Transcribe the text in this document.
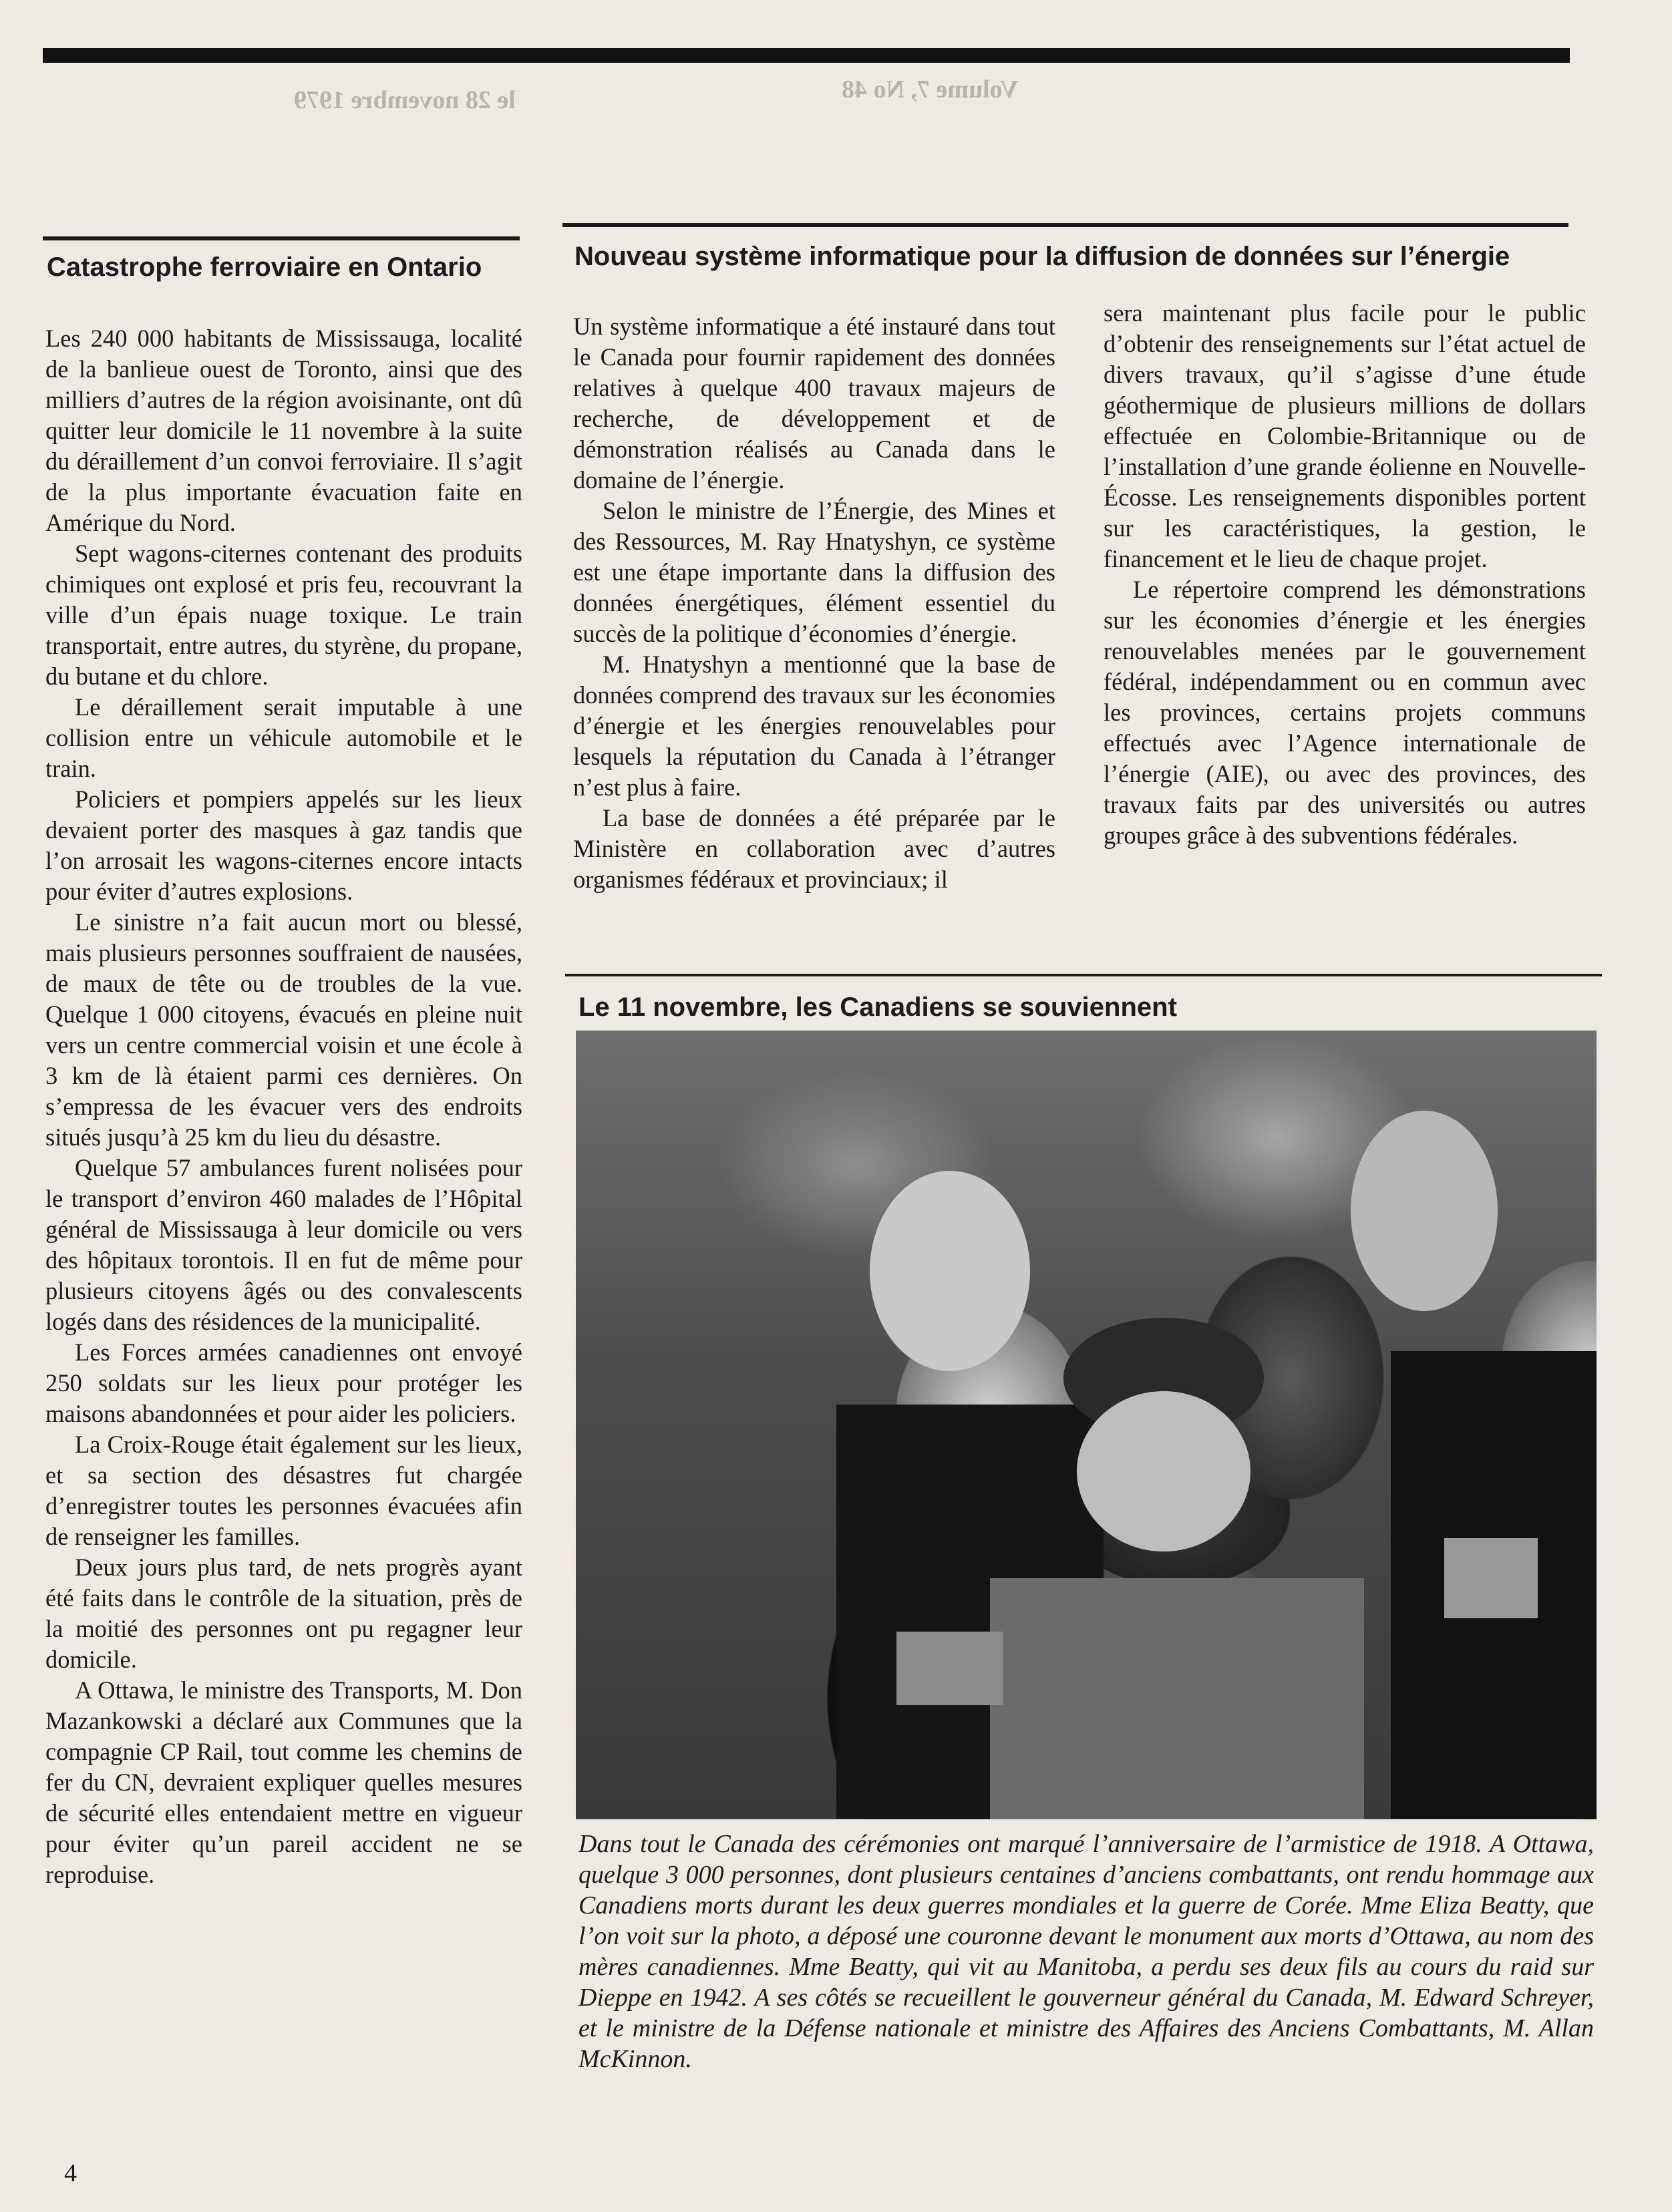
le 28 novembre 1979	Volume 7, No 48
Catastrophe ferroviaire en Ontario

Les 240 000 habitants de Mississauga, localité de la banlieue ouest de Toronto, ainsi que des milliers d’autres de la région avoisinante, ont dû quitter leur domicile le 11 novembre à la suite du déraillement d’un convoi ferroviaire. Il s’agit de la plus importante évacuation faite en Amérique du Nord.

Sept wagons-citernes contenant des produits chimiques ont explosé et pris feu, recouvrant la ville d’un épais nuage toxique. Le train transportait, entre autres, du styrène, du propane, du butane et du chlore.

Le déraillement serait imputable à une collision entre un véhicule automobile et le train.

Policiers et pompiers appelés sur les lieux devaient porter des masques à gaz tandis que l’on arrosait les wagons-citernes encore intacts pour éviter d’autres explosions.

Le sinistre n’a fait aucun mort ou blessé, mais plusieurs personnes souffraient de nausées, de maux de tête ou de troubles de la vue. Quelque 1 000 citoyens, évacués en pleine nuit vers un centre commercial voisin et une école à 3 km de là étaient parmi ces dernières. On s’empressa de les évacuer vers des endroits situés jusqu’à 25 km du lieu du désastre.

Quelque 57 ambulances furent nolisées pour le transport d’environ 460 malades de l’Hôpital général de Mississauga à leur domicile ou vers des hôpitaux torontois. Il en fut de même pour plusieurs citoyens âgés ou des convalescents logés dans des résidences de la municipalité.

Les Forces armées canadiennes ont envoyé 250 soldats sur les lieux pour protéger les maisons abandonnées et pour aider les policiers.

La Croix-Rouge était également sur les lieux, et sa section des désastres fut chargée d’enregistrer toutes les personnes évacuées afin de renseigner les familles.

Deux jours plus tard, de nets progrès ayant été faits dans le contrôle de la situation, près de la moitié des personnes ont pu regagner leur domicile.

A Ottawa, le ministre des Transports, M. Don Mazankowski a déclaré aux Communes que la compagnie CP Rail, tout comme les chemins de fer du CN, devraient expliquer quelles mesures de sécurité elles entendaient mettre en vigueur pour éviter qu’un pareil accident ne se reproduise.

Nouveau système informatique pour la diffusion de données sur l’énergie

Un système informatique a été instauré dans tout le Canada pour fournir rapidement des données relatives à quelque 400 travaux majeurs de recherche, de développement et de démonstration réalisés au Canada dans le domaine de l’énergie.

Selon le ministre de l’Énergie, des Mines et des Ressources, M. Ray Hnatyshyn, ce système est une étape importante dans la diffusion des données énergétiques, élément essentiel du succès de la politique d’économies d’énergie.

M. Hnatyshyn a mentionné que la base de données comprend des travaux sur les économies d’énergie et les énergies renouvelables pour lesquels la réputation du Canada à l’étranger n’est plus à faire.

La base de données a été préparée par le Ministère en collaboration avec d’autres organismes fédéraux et provinciaux; il

sera maintenant plus facile pour le public d’obtenir des renseignements sur l’état actuel de divers travaux, qu’il s’agisse d’une étude géothermique de plusieurs millions de dollars effectuée en Colombie-Britannique ou de l’installation d’une grande éolienne en Nouvelle-Écosse. Les renseignements disponibles portent sur les caractéristiques, la gestion, le financement et le lieu de chaque projet.

Le répertoire comprend les démonstrations sur les économies d’énergie et les énergies renouvelables menées par le gouvernement fédéral, indépendamment ou en commun avec les provinces, certains projets communs effectués avec l’Agence internationale de l’énergie (AIE), ou avec des provinces, des travaux faits par des universités ou autres groupes grâce à des subventions fédérales.

Le 11 novembre, les Canadiens se souviennent

Dans tout le Canada des cérémonies ont marqué l’anniversaire de l’armistice de 1918. A Ottawa, quelque 3 000 personnes, dont plusieurs centaines d’anciens combattants, ont rendu hommage aux Canadiens morts durant les deux guerres mondiales et la guerre de Corée. Mme Eliza Beatty, que l’on voit sur la photo, a déposé une couronne devant le monument aux morts d’Ottawa, au nom des mères canadiennes. Mme Beatty, qui vit au Manitoba, a perdu ses deux fils au cours du raid sur Dieppe en 1942. A ses côtés se recueillent le gouverneur général du Canada, M. Edward Schreyer, et le ministre de la Défense nationale et ministre des Affaires des Anciens Combattants, M. Allan McKinnon.

4
